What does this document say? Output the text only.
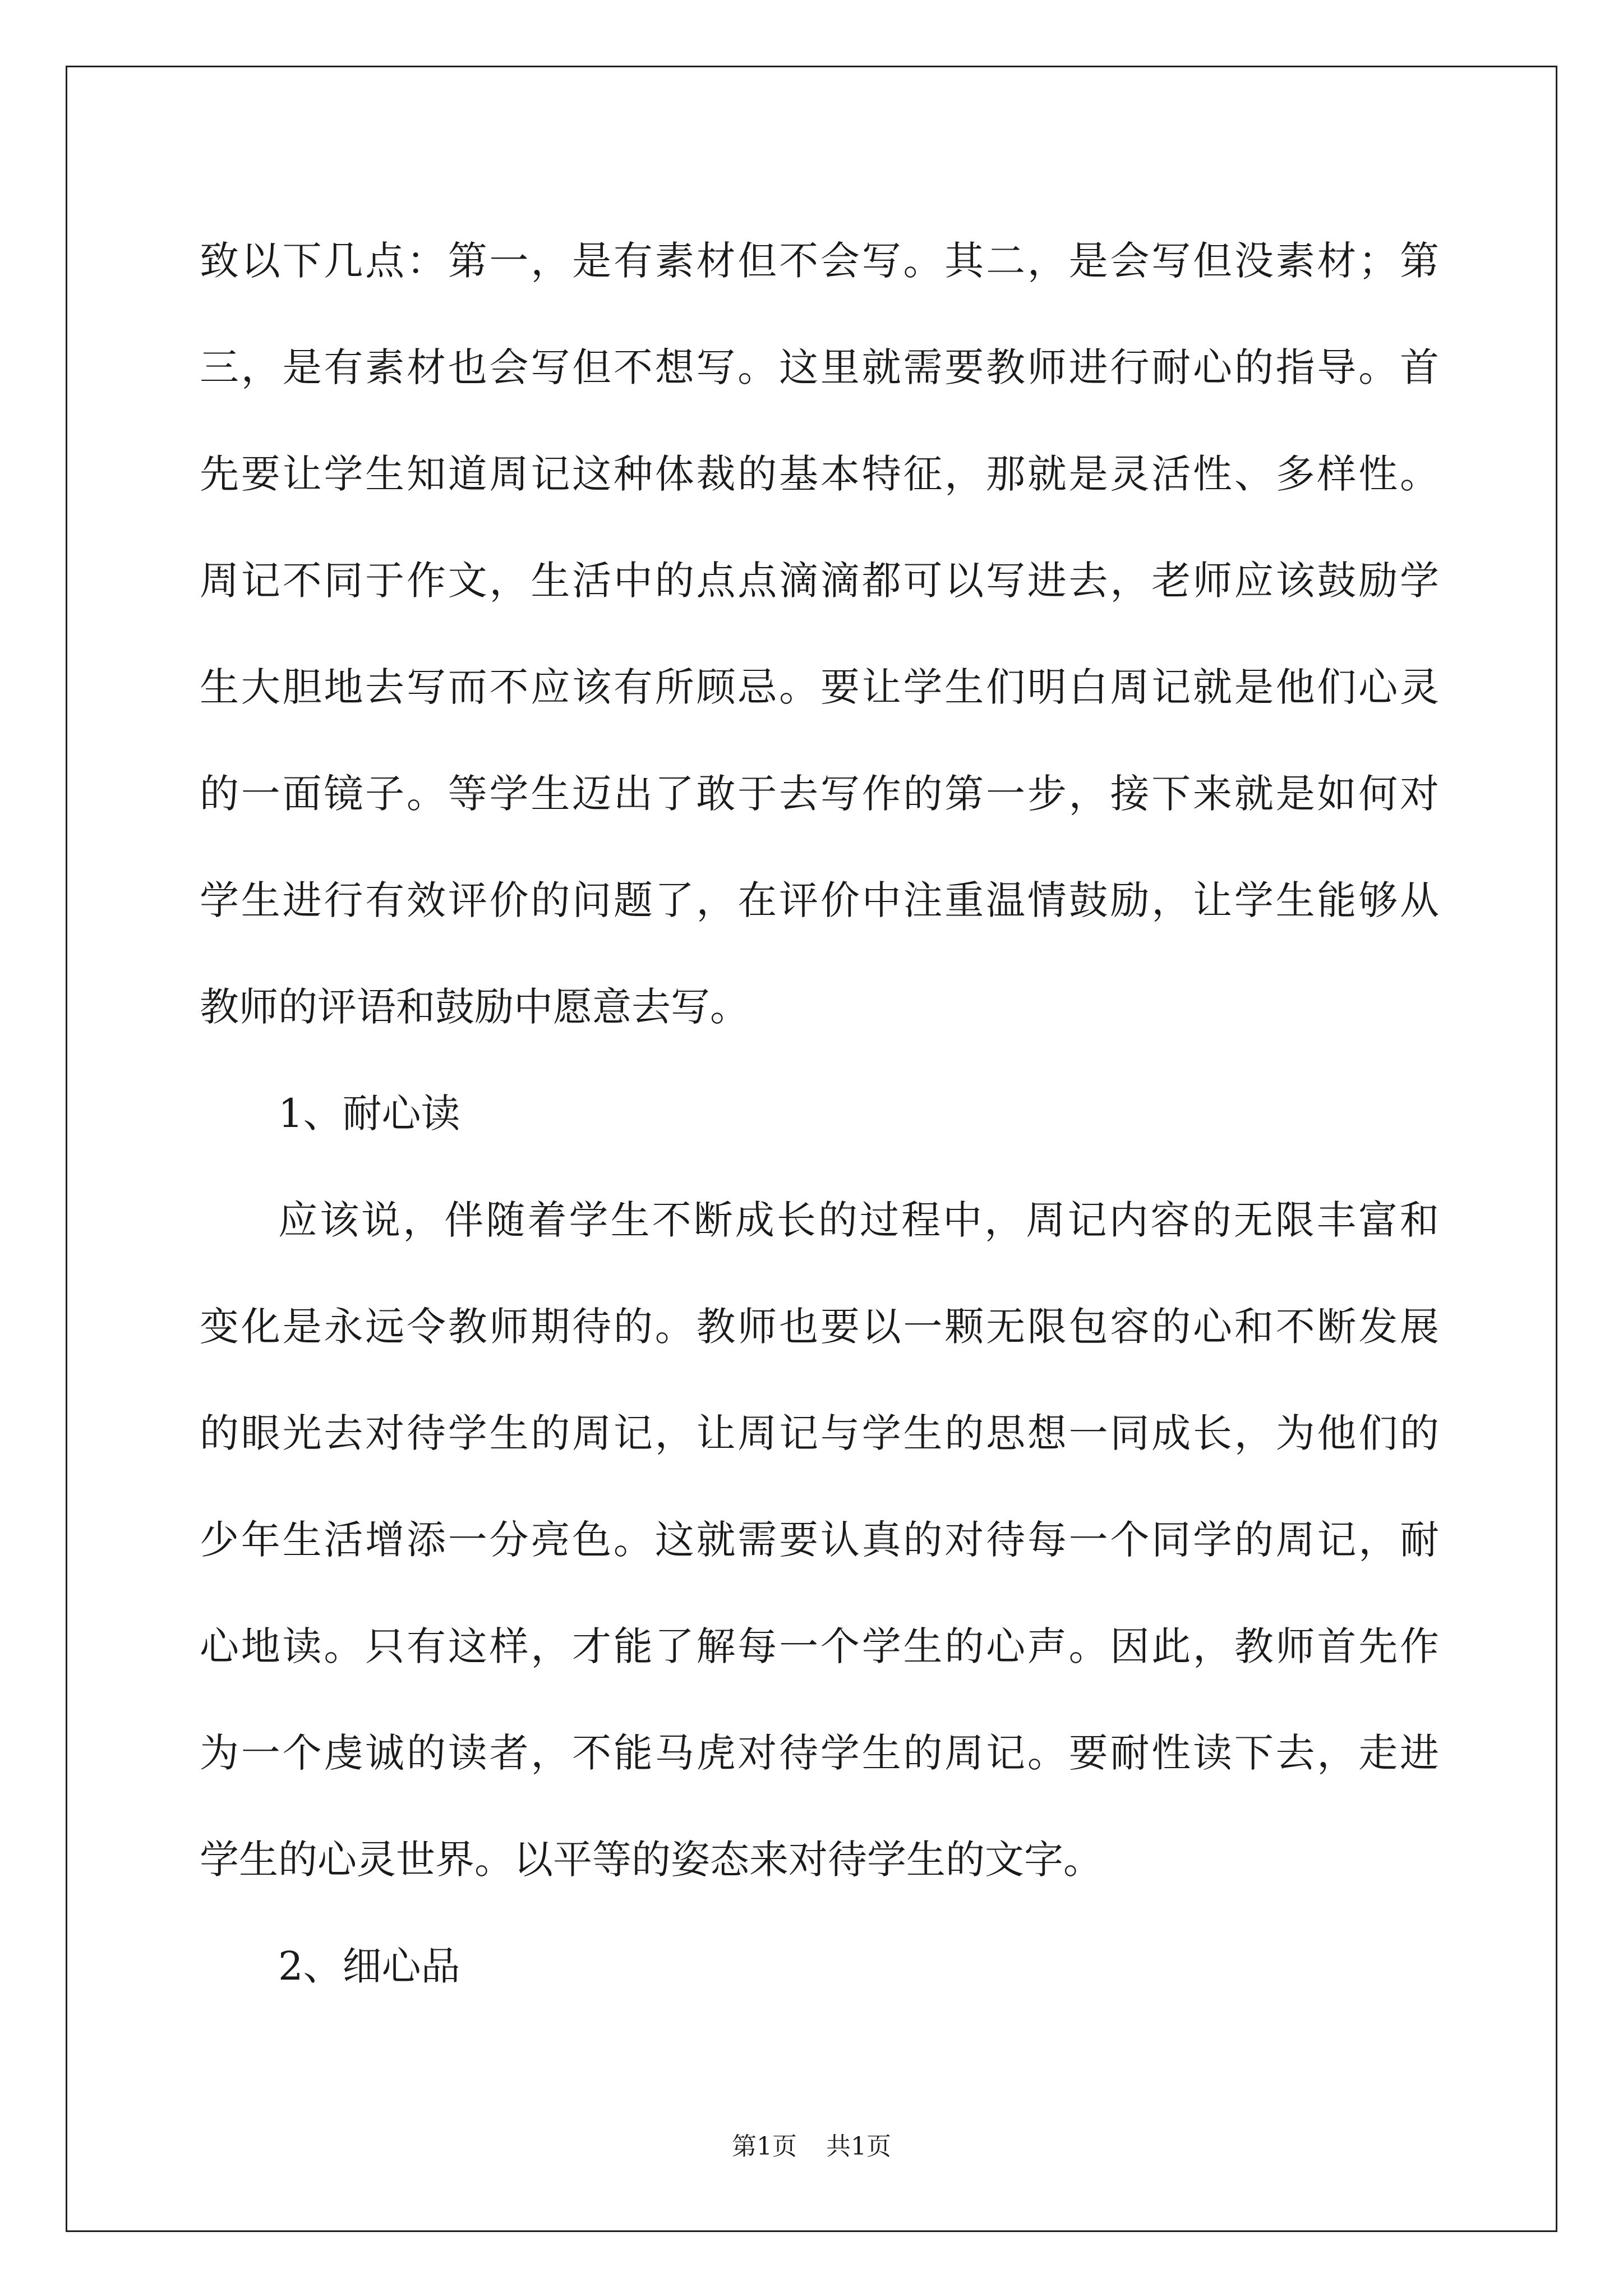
致以下几点：第一，是有素材但不会写。其二，是会写但没素材；第
三，是有素材也会写但不想写。这里就需要教师进行耐心的指导。首
先要让学生知道周记这种体裁的基本特征，那就是灵活性、多样性。
周记不同于作文，生活中的点点滴滴都可以写进去，老师应该鼓励学
生大胆地去写而不应该有所顾忌。要让学生们明白周记就是他们心灵
的一面镜子。等学生迈出了敢于去写作的第一步，接下来就是如何对
学生进行有效评价的问题了，在评价中注重温情鼓励，让学生能够从
教师的评语和鼓励中愿意去写。
1、耐心读
应该说，伴随着学生不断成长的过程中，周记内容的无限丰富和
变化是永远令教师期待的。教师也要以一颗无限包容的心和不断发展
的眼光去对待学生的周记，让周记与学生的思想一同成长，为他们的
少年生活增添一分亮色。这就需要认真的对待每一个同学的周记，耐
心地读。只有这样，才能了解每一个学生的心声。因此，教师首先作
为一个虔诚的读者，不能马虎对待学生的周记。要耐性读下去，走进
学生的心灵世界。以平等的姿态来对待学生的文字。
2、细心品
第1页 共1页
